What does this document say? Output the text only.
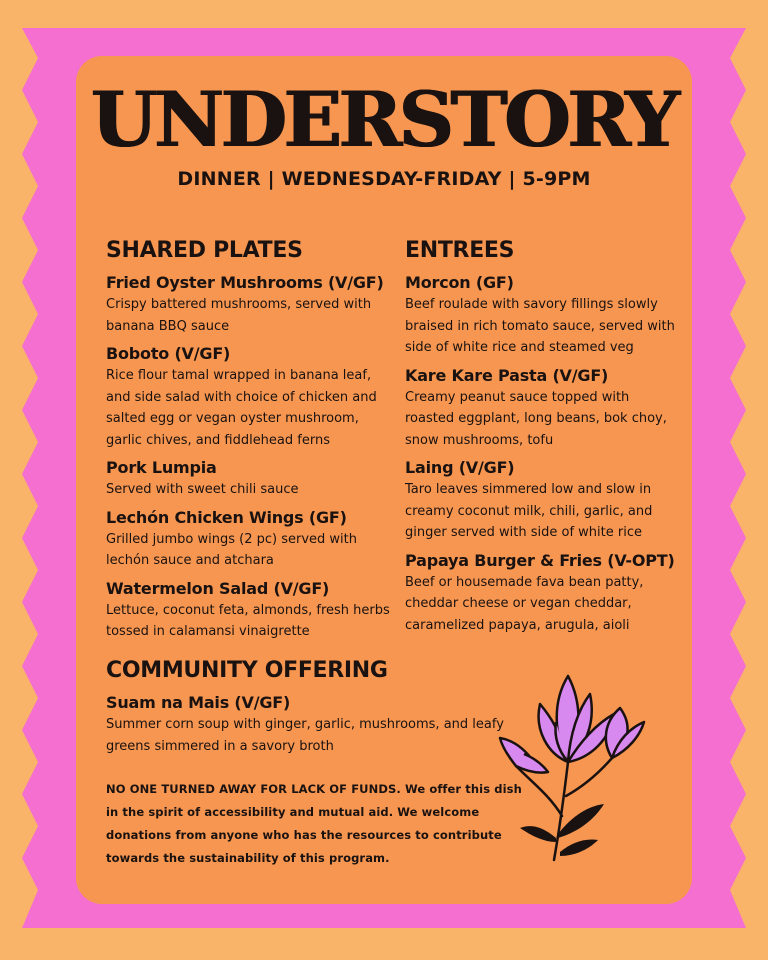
UNDERSTORY
DINNER | WEDNESDAY-FRIDAY | 5-9PM
SHARED PLATES
Fried Oyster Mushrooms (V/GF)
Crispy battered mushrooms, served with banana BBQ sauce
Boboto (V/GF)
Rice flour tamal wrapped in banana leaf, and side salad with choice of chicken and salted egg or vegan oyster mushroom, garlic chives, and fiddlehead ferns
Pork Lumpia
Served with sweet chili sauce
Lechón Chicken Wings (GF)
Grilled jumbo wings (2 pc) served with lechón sauce and atchara
Watermelon Salad (V/GF)
Lettuce, coconut feta, almonds, fresh herbs tossed in calamansi vinaigrette
ENTREES
Morcon (GF)
Beef roulade with savory fillings slowly braised in rich tomato sauce, served with side of white rice and steamed veg
Kare Kare Pasta (V/GF)
Creamy peanut sauce topped with roasted eggplant, long beans, bok choy, snow mushrooms, tofu
Laing (V/GF)
Taro leaves simmered low and slow in creamy coconut milk, chili, garlic, and ginger served with side of white rice
Papaya Burger & Fries (V-OPT)
Beef or housemade fava bean patty, cheddar cheese or vegan cheddar, caramelized papaya, arugula, aioli
COMMUNITY OFFERING
Suam na Mais (V/GF)
Summer corn soup with ginger, garlic, mushrooms, and leafy greens simmered in a savory broth
NO ONE TURNED AWAY FOR LACK OF FUNDS. We offer this dish in the spirit of accessibility and mutual aid. We welcome donations from anyone who has the resources to contribute towards the sustainability of this program.
